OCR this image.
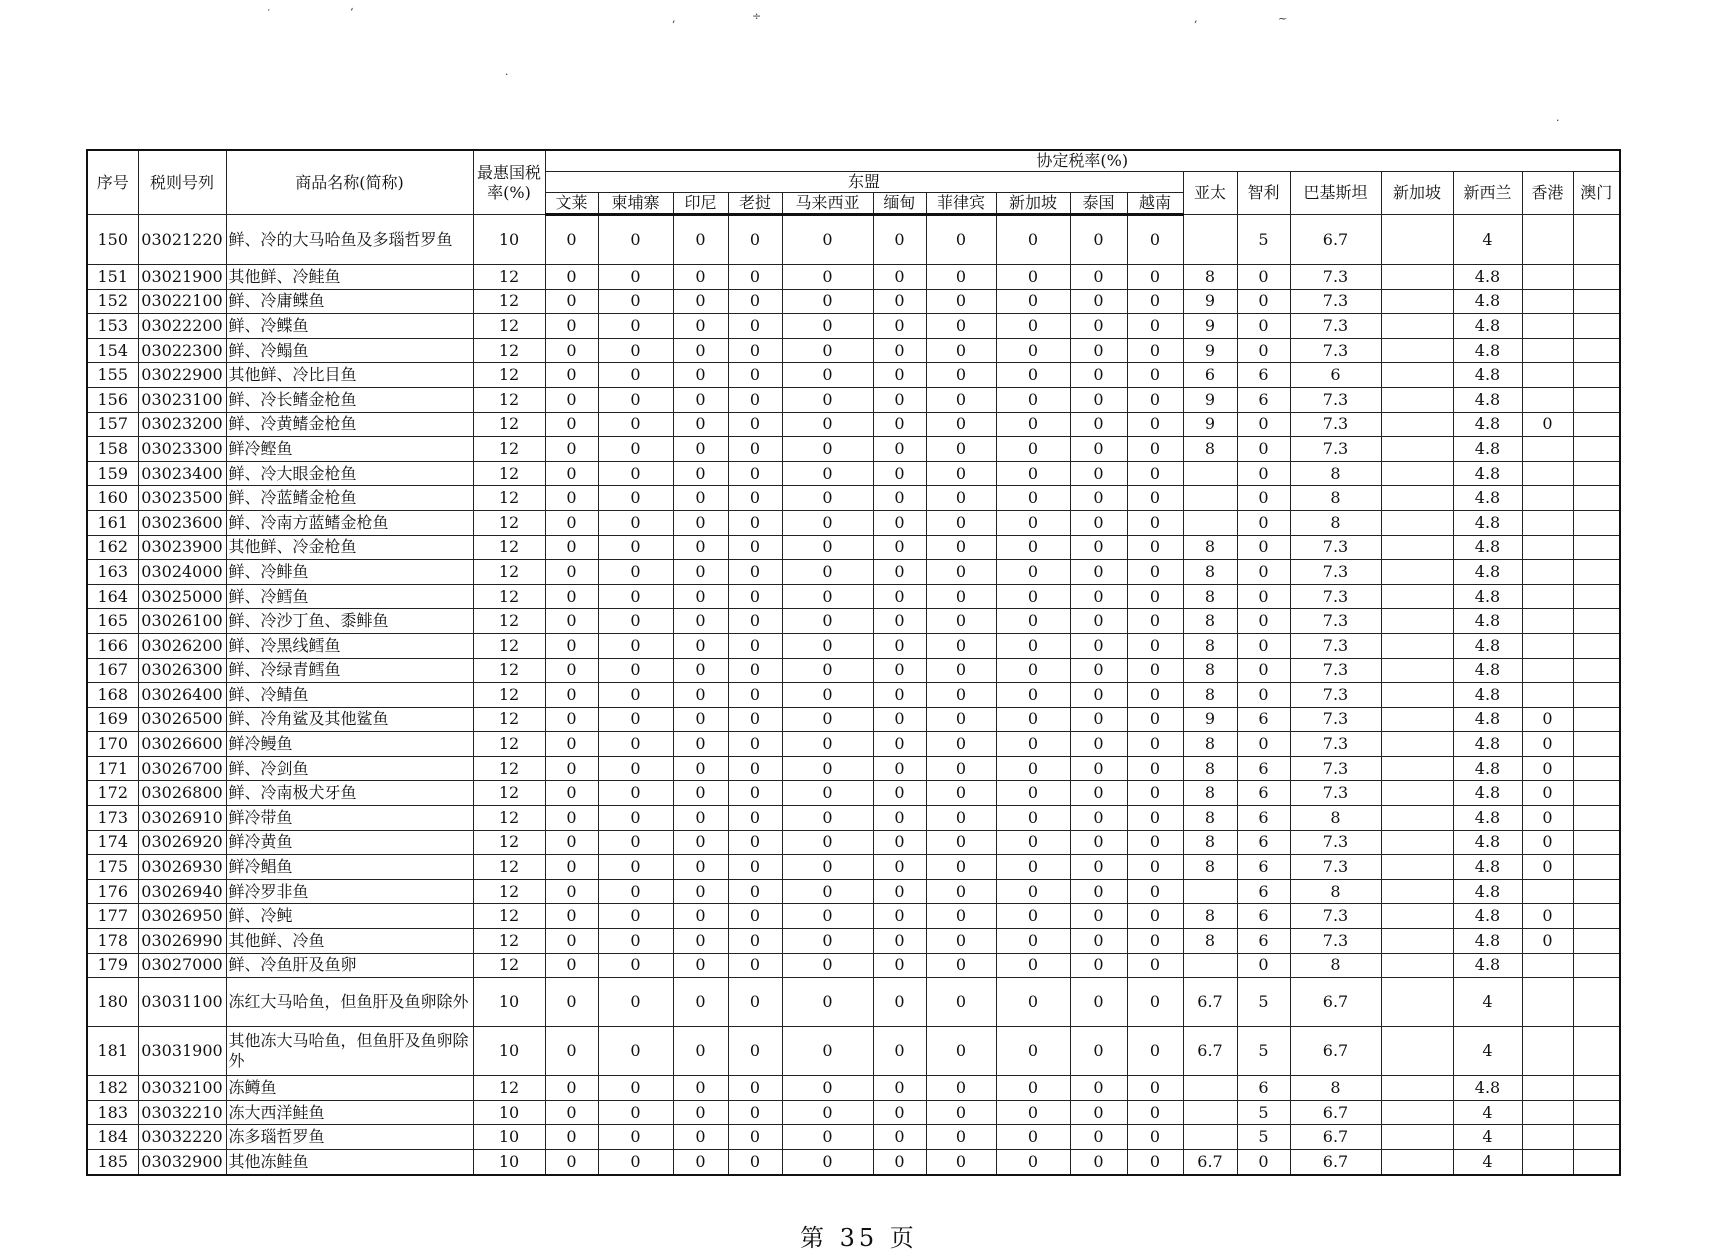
˙	‘	‚	÷	‚	~
·
·
序号	税则号列	商品名称(简称)	最惠国税率(%)	协定税率(%)																
				东盟										亚太	智利	巴基斯坦	新加坡	新西兰	香港	澳门
				文莱	柬埔寨	印尼	老挝	马来西亚	缅甸	菲律宾	新加坡	泰国	越南							
150	03021220	鲜、冷的大马哈鱼及多瑙哲罗鱼	10	0	0	0	0	0	0	0	0	0	0		5	6.7		4		
151	03021900	其他鲜、冷鲑鱼	12	0	0	0	0	0	0	0	0	0	0	8	0	7.3		4.8		
152	03022100	鲜、冷庸鲽鱼	12	0	0	0	0	0	0	0	0	0	0	9	0	7.3		4.8		
153	03022200	鲜、冷鲽鱼	12	0	0	0	0	0	0	0	0	0	0	9	0	7.3		4.8		
154	03022300	鲜、冷鳎鱼	12	0	0	0	0	0	0	0	0	0	0	9	0	7.3		4.8		
155	03022900	其他鲜、冷比目鱼	12	0	0	0	0	0	0	0	0	0	0	6	6	6		4.8		
156	03023100	鲜、冷长鳍金枪鱼	12	0	0	0	0	0	0	0	0	0	0	9	6	7.3		4.8		
157	03023200	鲜、冷黄鳍金枪鱼	12	0	0	0	0	0	0	0	0	0	0	9	0	7.3		4.8	0	
158	03023300	鲜冷鲣鱼	12	0	0	0	0	0	0	0	0	0	0	8	0	7.3		4.8		
159	03023400	鲜、冷大眼金枪鱼	12	0	0	0	0	0	0	0	0	0	0		0	8		4.8		
160	03023500	鲜、冷蓝鳍金枪鱼	12	0	0	0	0	0	0	0	0	0	0		0	8		4.8		
161	03023600	鲜、冷南方蓝鳍金枪鱼	12	0	0	0	0	0	0	0	0	0	0		0	8		4.8		
162	03023900	其他鲜、冷金枪鱼	12	0	0	0	0	0	0	0	0	0	0	8	0	7.3		4.8		
163	03024000	鲜、冷鲱鱼	12	0	0	0	0	0	0	0	0	0	0	8	0	7.3		4.8		
164	03025000	鲜、冷鳕鱼	12	0	0	0	0	0	0	0	0	0	0	8	0	7.3		4.8		
165	03026100	鲜、冷沙丁鱼、黍鲱鱼	12	0	0	0	0	0	0	0	0	0	0	8	0	7.3		4.8		
166	03026200	鲜、冷黑线鳕鱼	12	0	0	0	0	0	0	0	0	0	0	8	0	7.3		4.8		
167	03026300	鲜、冷绿青鳕鱼	12	0	0	0	0	0	0	0	0	0	0	8	0	7.3		4.8		
168	03026400	鲜、冷鲭鱼	12	0	0	0	0	0	0	0	0	0	0	8	0	7.3		4.8		
169	03026500	鲜、冷角鲨及其他鲨鱼	12	0	0	0	0	0	0	0	0	0	0	9	6	7.3		4.8	0	
170	03026600	鲜冷鳗鱼	12	0	0	0	0	0	0	0	0	0	0	8	0	7.3		4.8	0	
171	03026700	鲜、冷剑鱼	12	0	0	0	0	0	0	0	0	0	0	8	6	7.3		4.8	0	
172	03026800	鲜、冷南极犬牙鱼	12	0	0	0	0	0	0	0	0	0	0	8	6	7.3		4.8	0	
173	03026910	鲜冷带鱼	12	0	0	0	0	0	0	0	0	0	0	8	6	8		4.8	0	
174	03026920	鲜冷黄鱼	12	0	0	0	0	0	0	0	0	0	0	8	6	7.3		4.8	0	
175	03026930	鲜冷鲳鱼	12	0	0	0	0	0	0	0	0	0	0	8	6	7.3		4.8	0	
176	03026940	鲜冷罗非鱼	12	0	0	0	0	0	0	0	0	0	0		6	8		4.8		
177	03026950	鲜、冷鲀	12	0	0	0	0	0	0	0	0	0	0	8	6	7.3		4.8	0	
178	03026990	其他鲜、冷鱼	12	0	0	0	0	0	0	0	0	0	0	8	6	7.3		4.8	0	
179	03027000	鲜、冷鱼肝及鱼卵	12	0	0	0	0	0	0	0	0	0	0		0	8		4.8		
180	03031100	冻红大马哈鱼，但鱼肝及鱼卵除外	10	0	0	0	0	0	0	0	0	0	0	6.7	5	6.7		4		
181	03031900	其他冻大马哈鱼，但鱼肝及鱼卵除外	10	0	0	0	0	0	0	0	0	0	0	6.7	5	6.7		4		
182	03032100	冻鳟鱼	12	0	0	0	0	0	0	0	0	0	0		6	8		4.8		
183	03032210	冻大西洋鲑鱼	10	0	0	0	0	0	0	0	0	0	0		5	6.7		4		
184	03032220	冻多瑙哲罗鱼	10	0	0	0	0	0	0	0	0	0	0		5	6.7		4		
185	03032900	其他冻鲑鱼	10	0	0	0	0	0	0	0	0	0	0	6.7	0	6.7		4		
第 35 页
